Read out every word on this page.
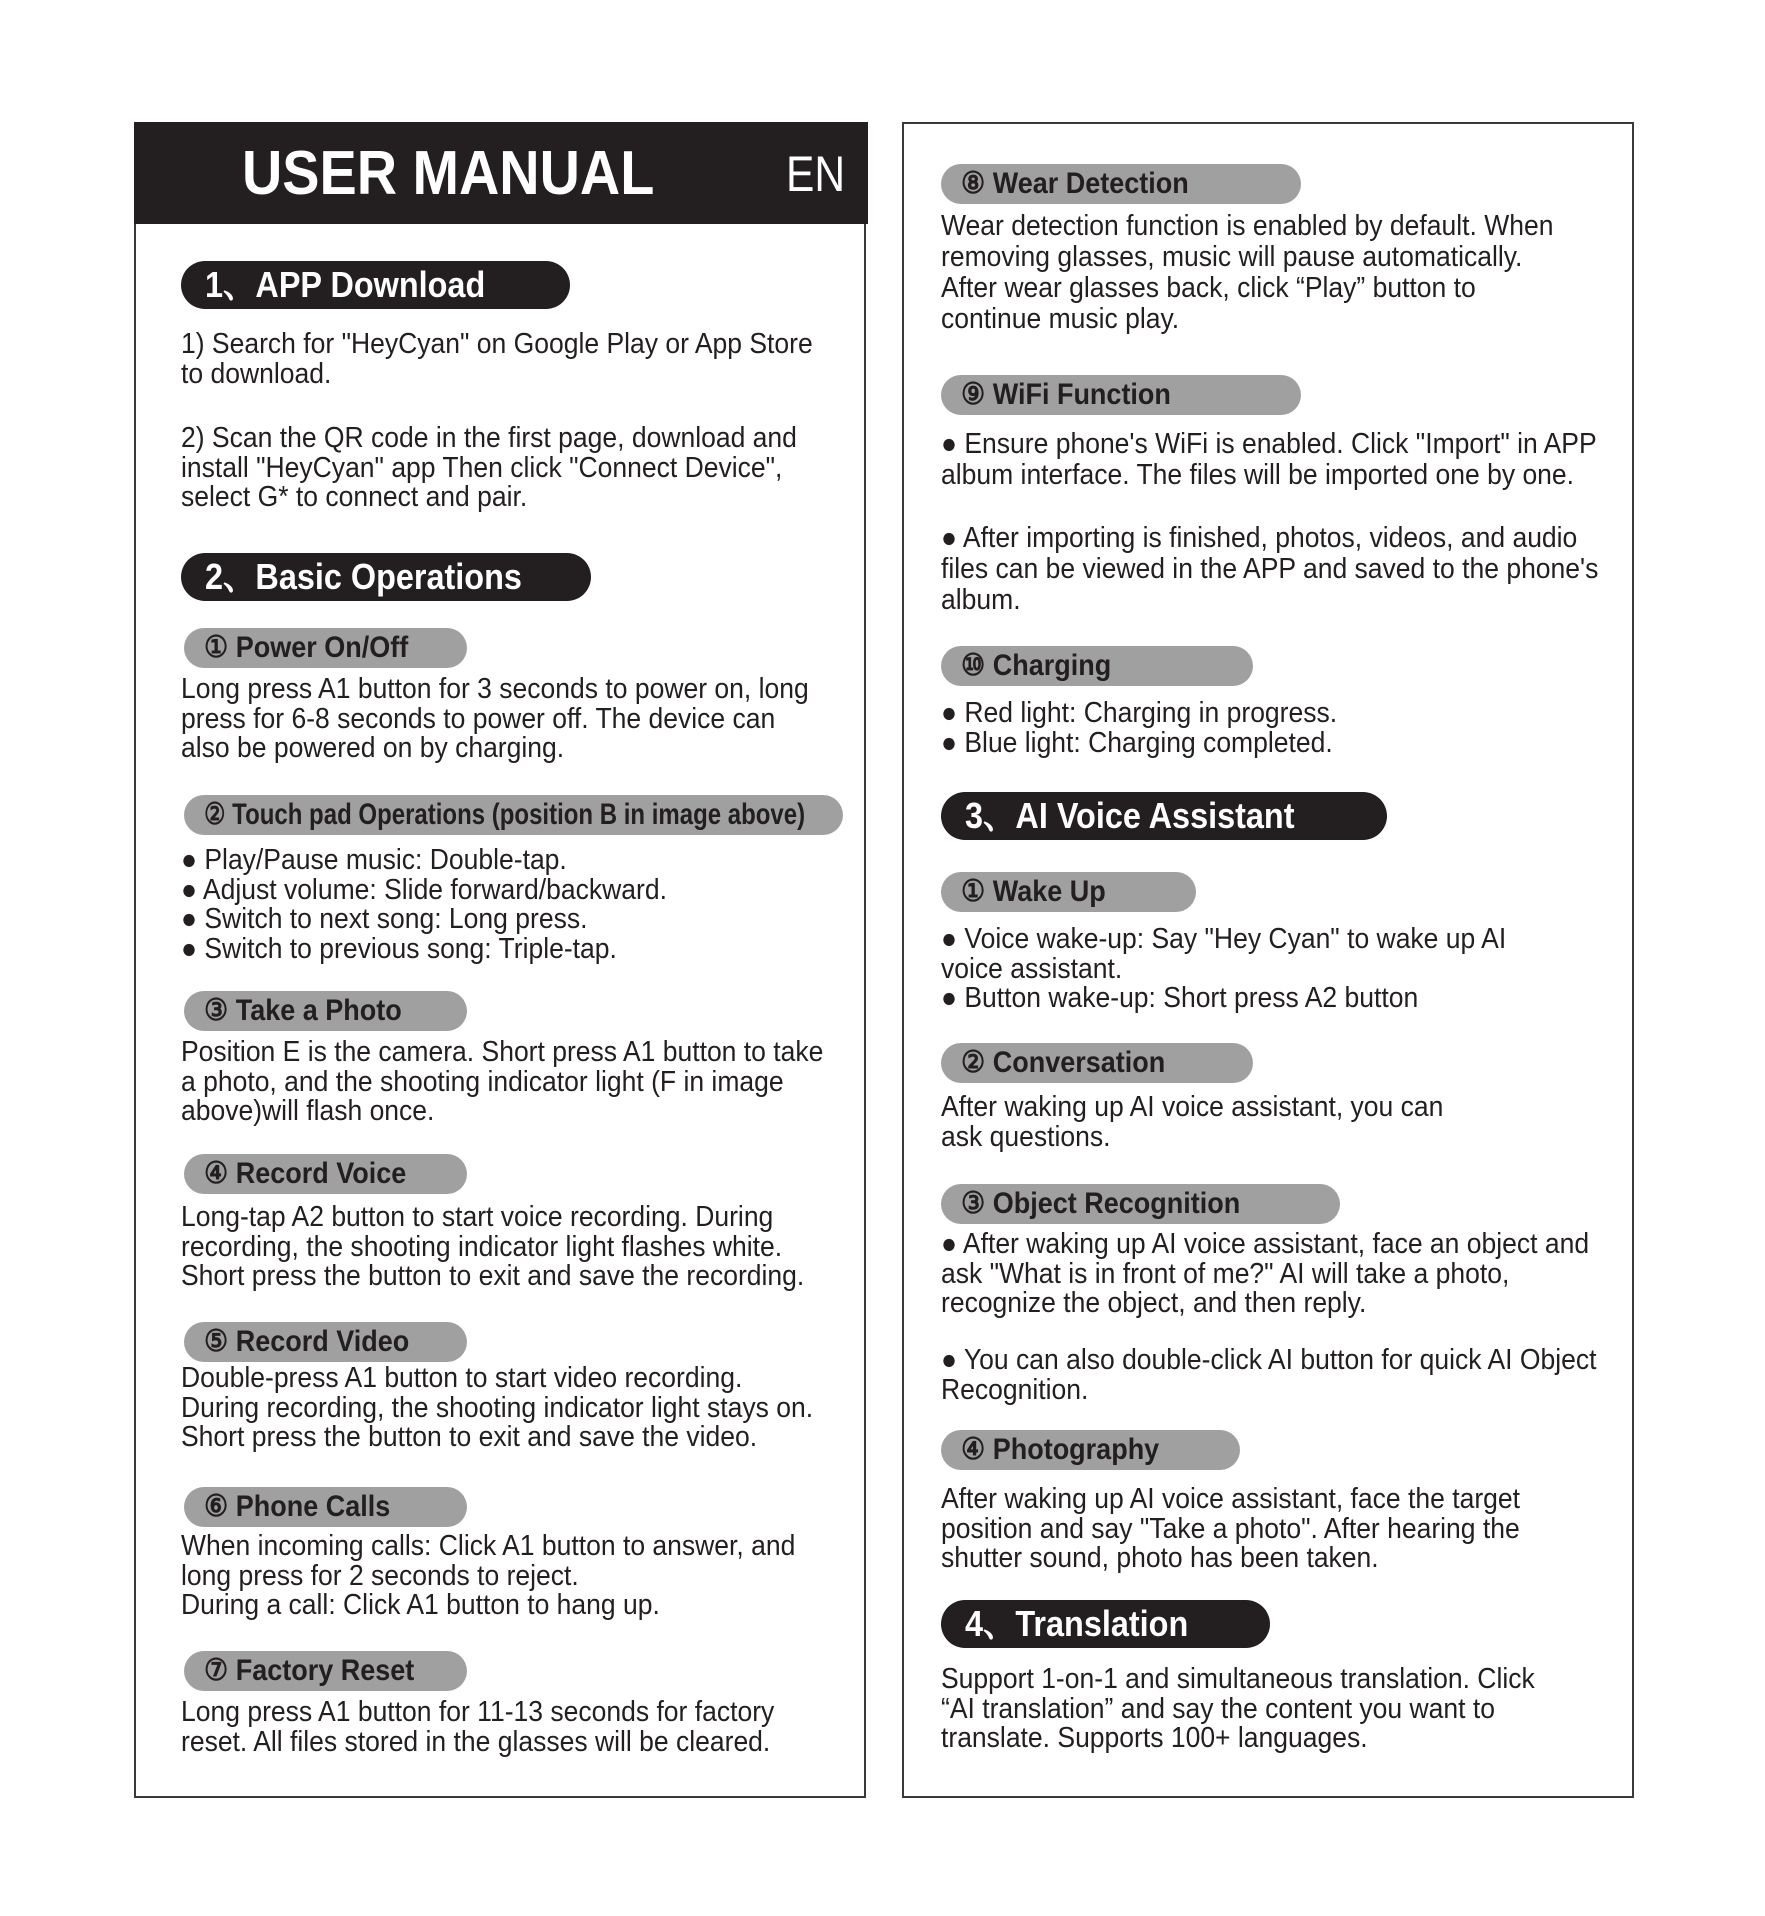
USER MANUAL	EN
1、APP Download
1) Search for "HeyCyan" on Google Play or App Store
to download.
2) Scan the QR code in the first page, download and
install "HeyCyan" app Then click "Connect Device",
select G* to connect and pair.
2、Basic Operations
① Power On/Off
Long press A1 button for 3 seconds to power on, long
press for 6-8 seconds to power off. The device can
also be powered on by charging.
② Touch pad Operations (position B in image above)
● Play/Pause music: Double-tap.
● Adjust volume: Slide forward/backward.
● Switch to next song: Long press.
● Switch to previous song: Triple-tap.
③ Take a Photo
Position E is the camera. Short press A1 button to take
a photo, and the shooting indicator light (F in image
above)will flash once.
④ Record Voice
Long-tap A2 button to start voice recording. During
recording, the shooting indicator light flashes white.
Short press the button to exit and save the recording.
⑤ Record Video
Double-press A1 button to start video recording.
During recording, the shooting indicator light stays on.
Short press the button to exit and save the video.
⑥ Phone Calls
When incoming calls: Click A1 button to answer, and
long press for 2 seconds to reject.
During a call: Click A1 button to hang up.
⑦ Factory Reset
Long press A1 button for 11-13 seconds for factory
reset. All files stored in the glasses will be cleared.
⑧ Wear Detection
Wear detection function is enabled by default. When
removing glasses, music will pause automatically.
After wear glasses back, click “Play” button to
continue music play.
⑨ WiFi Function
● Ensure phone's WiFi is enabled. Click "Import" in APP
album interface. The files will be imported one by one.
● After importing is finished, photos, videos, and audio
files can be viewed in the APP and saved to the phone's
album.
⑩ Charging
● Red light: Charging in progress.
● Blue light: Charging completed.
3、AI Voice Assistant
① Wake Up
● Voice wake-up: Say "Hey Cyan" to wake up AI
voice assistant.
● Button wake-up: Short press A2 button
② Conversation
After waking up AI voice assistant, you can
ask questions.
③ Object Recognition
● After waking up AI voice assistant, face an object and
ask "What is in front of me?" AI will take a photo,
recognize the object, and then reply.
● You can also double-click AI button for quick AI Object
Recognition.
④ Photography
After waking up AI voice assistant, face the target
position and say "Take a photo". After hearing the
shutter sound, photo has been taken.
4、Translation
Support 1-on-1 and simultaneous translation. Click
“AI translation” and say the content you want to
translate. Supports 100+ languages.
